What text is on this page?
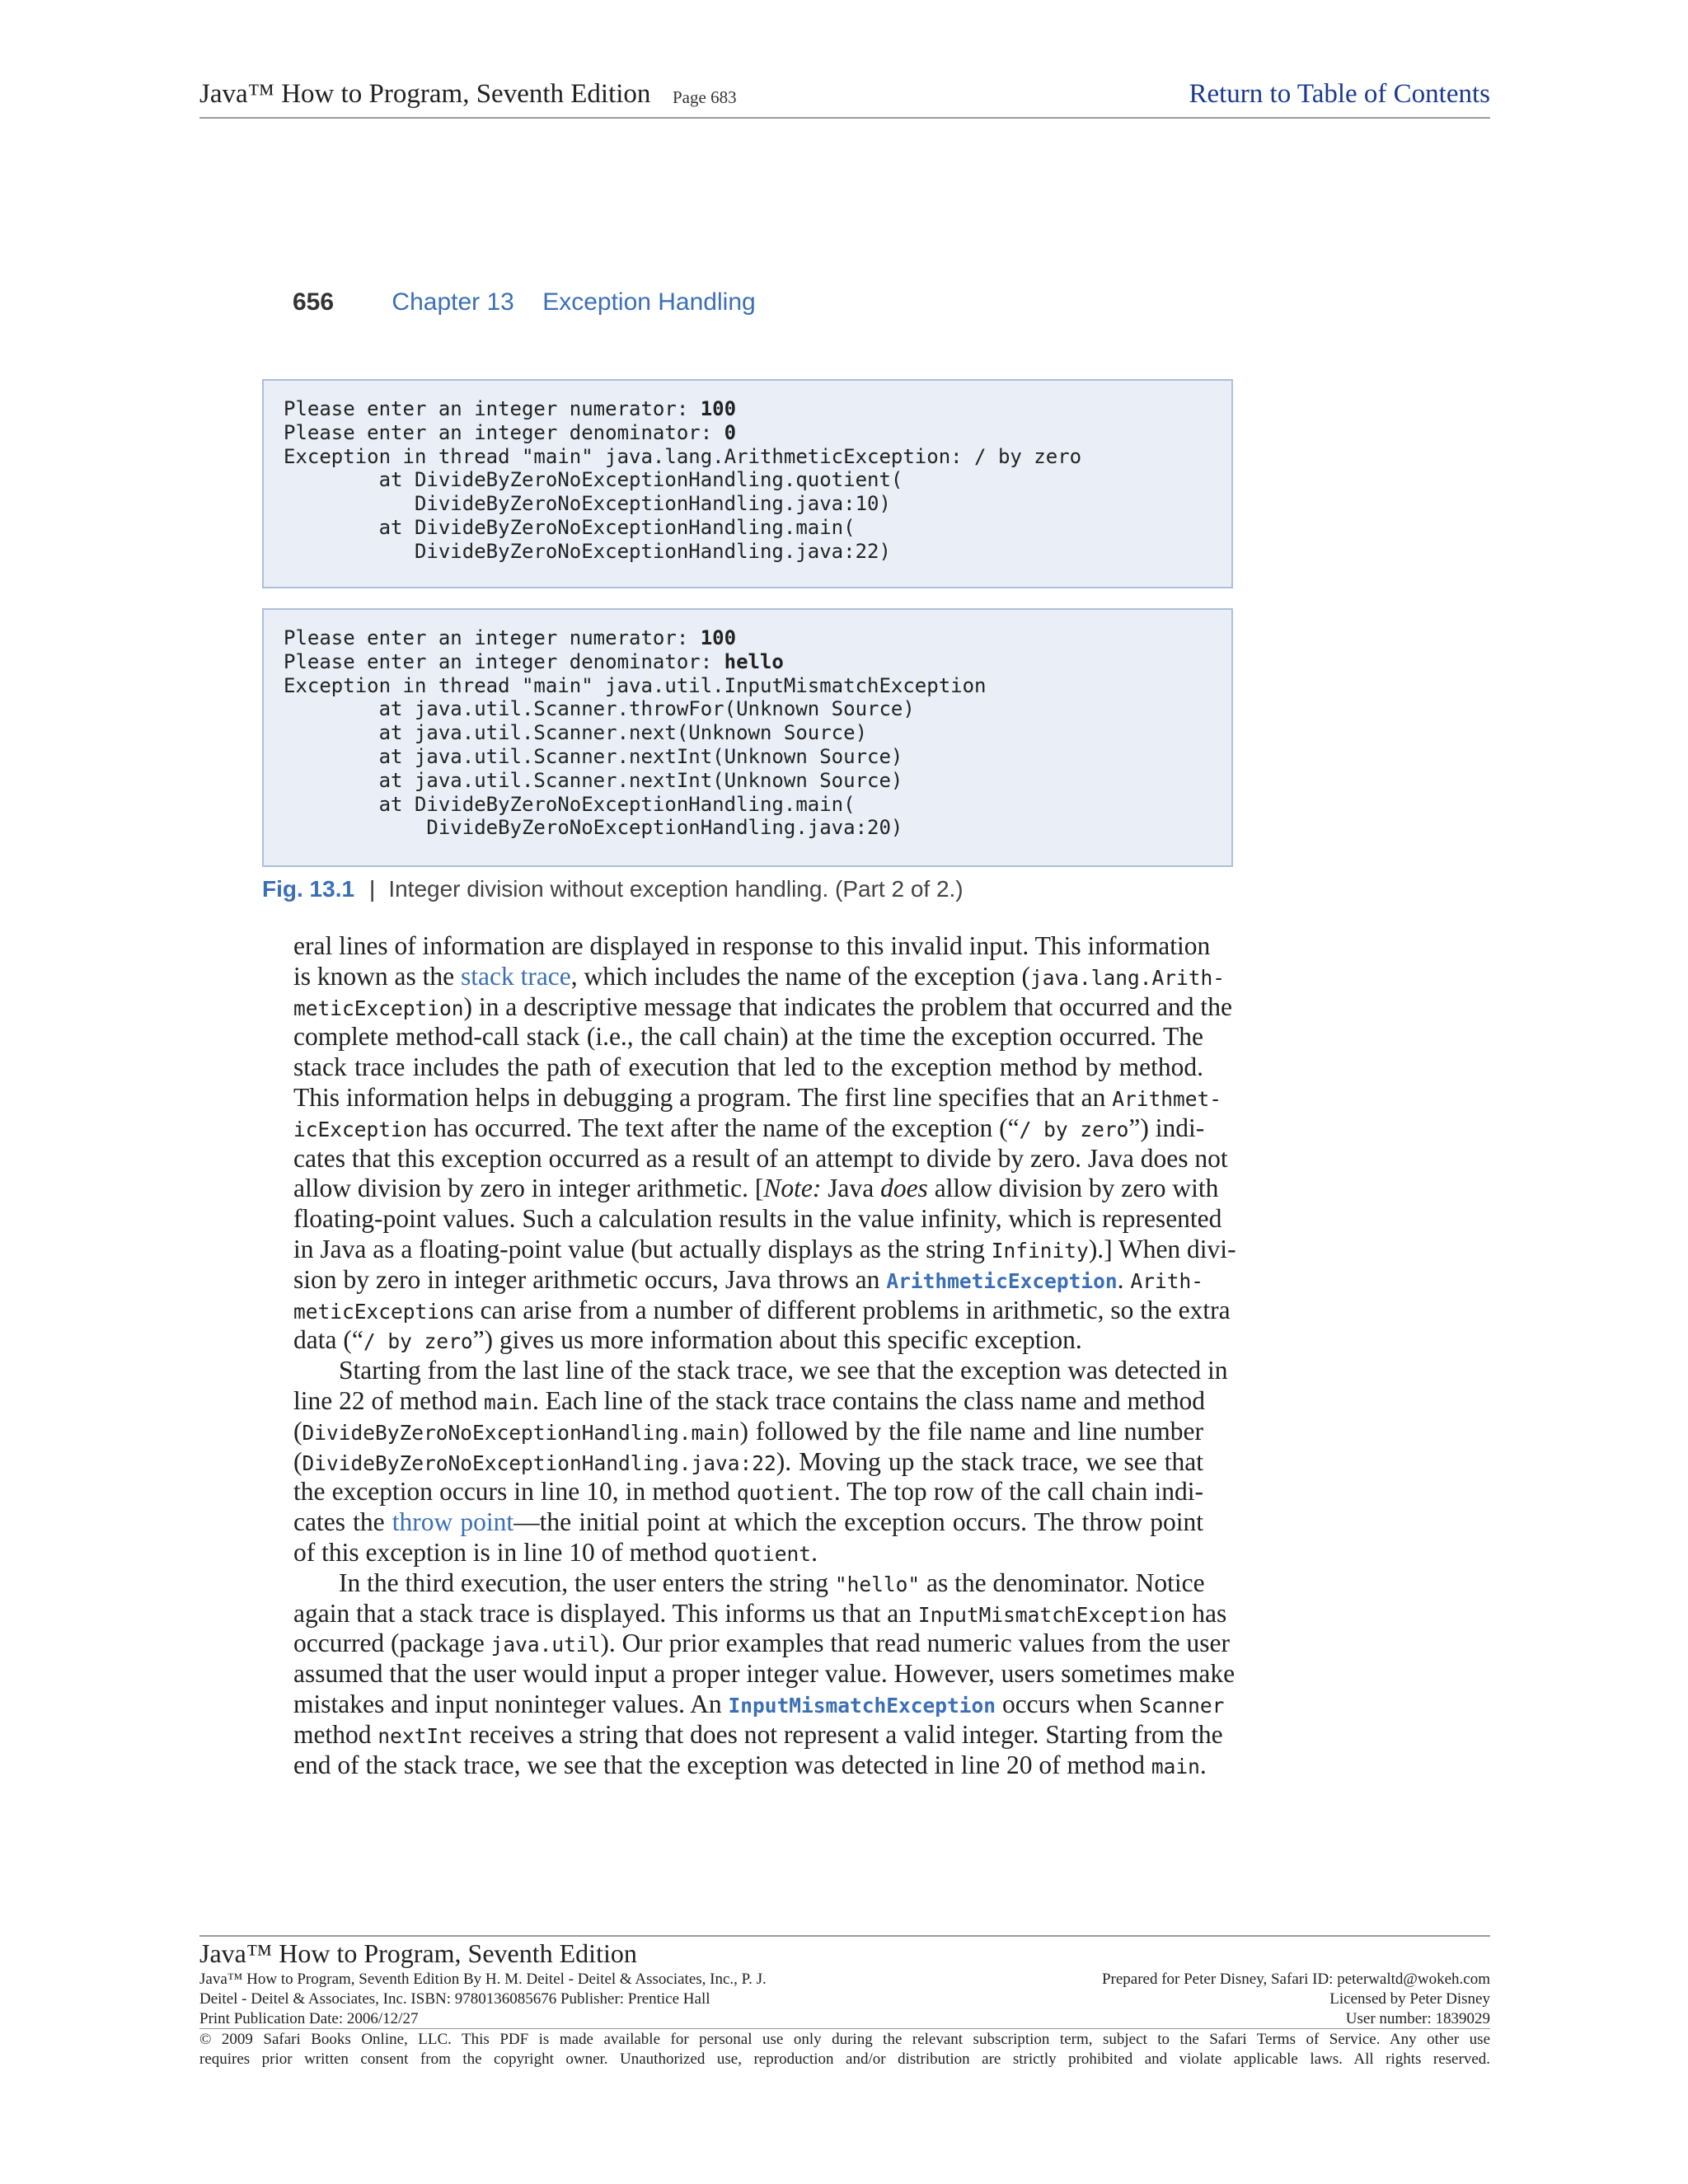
Java™ How to Program, Seventh Edition Page 683	Return to Table of Contents
656 Chapter 13 Exception Handling
Please enter an integer numerator: 100
Please enter an integer denominator: 0
Exception in thread "main" java.lang.ArithmeticException: / by zero
at DivideByZeroNoExceptionHandling.quotient(
DivideByZeroNoExceptionHandling.java:10)
at DivideByZeroNoExceptionHandling.main(
DivideByZeroNoExceptionHandling.java:22)
Please enter an integer numerator: 100
Please enter an integer denominator: hello
Exception in thread "main" java.util.InputMismatchException
at java.util.Scanner.throwFor(Unknown Source)
at java.util.Scanner.next(Unknown Source)
at java.util.Scanner.nextInt(Unknown Source)
at java.util.Scanner.nextInt(Unknown Source)
at DivideByZeroNoExceptionHandling.main(
DivideByZeroNoExceptionHandling.java:20)
Fig. 13.1 | Integer division without exception handling. (Part 2 of 2.)
eral lines of information are displayed in response to this invalid input. This information
is known as the stack trace, which includes the name of the exception (java.lang.Arith-
meticException) in a descriptive message that indicates the problem that occurred and the
complete method-call stack (i.e., the call chain) at the time the exception occurred. The
stack trace includes the path of execution that led to the exception method by method.
This information helps in debugging a program. The first line specifies that an Arithmet-
icException has occurred. The text after the name of the exception (“/ by zero”) indi-
cates that this exception occurred as a result of an attempt to divide by zero. Java does not
allow division by zero in integer arithmetic. [Note: Java does allow division by zero with
floating-point values. Such a calculation results in the value infinity, which is represented
in Java as a floating-point value (but actually displays as the string Infinity).] When divi-
sion by zero in integer arithmetic occurs, Java throws an ArithmeticException. Arith-
meticExceptions can arise from a number of different problems in arithmetic, so the extra
data (“/ by zero”) gives us more information about this specific exception.
Starting from the last line of the stack trace, we see that the exception was detected in
line 22 of method main. Each line of the stack trace contains the class name and method
(DivideByZeroNoExceptionHandling.main) followed by the file name and line number
(DivideByZeroNoExceptionHandling.java:22). Moving up the stack trace, we see that
the exception occurs in line 10, in method quotient. The top row of the call chain indi-
cates the throw point—the initial point at which the exception occurs. The throw point
of this exception is in line 10 of method quotient.
In the third execution, the user enters the string "hello" as the denominator. Notice
again that a stack trace is displayed. This informs us that an InputMismatchException has
occurred (package java.util). Our prior examples that read numeric values from the user
assumed that the user would input a proper integer value. However, users sometimes make
mistakes and input noninteger values. An InputMismatchException occurs when Scanner
method nextInt receives a string that does not represent a valid integer. Starting from the
end of the stack trace, we see that the exception was detected in line 20 of method main.
Java™ How to Program, Seventh Edition
Java™ How to Program, Seventh Edition By H. M. Deitel - Deitel & Associates, Inc., P. J.
Deitel - Deitel & Associates, Inc. ISBN: 9780136085676 Publisher: Prentice Hall
Print Publication Date: 2006/12/27
Prepared for Peter Disney, Safari ID: peterwaltd@wokeh.com
Licensed by Peter Disney
User number: 1839029
© 2009 Safari Books Online, LLC. This PDF is made available for personal use only during the relevant subscription term, subject to the Safari Terms of Service. Any other use
requires prior written consent from the copyright owner. Unauthorized use, reproduction and/or distribution are strictly prohibited and violate applicable laws. All rights reserved.
